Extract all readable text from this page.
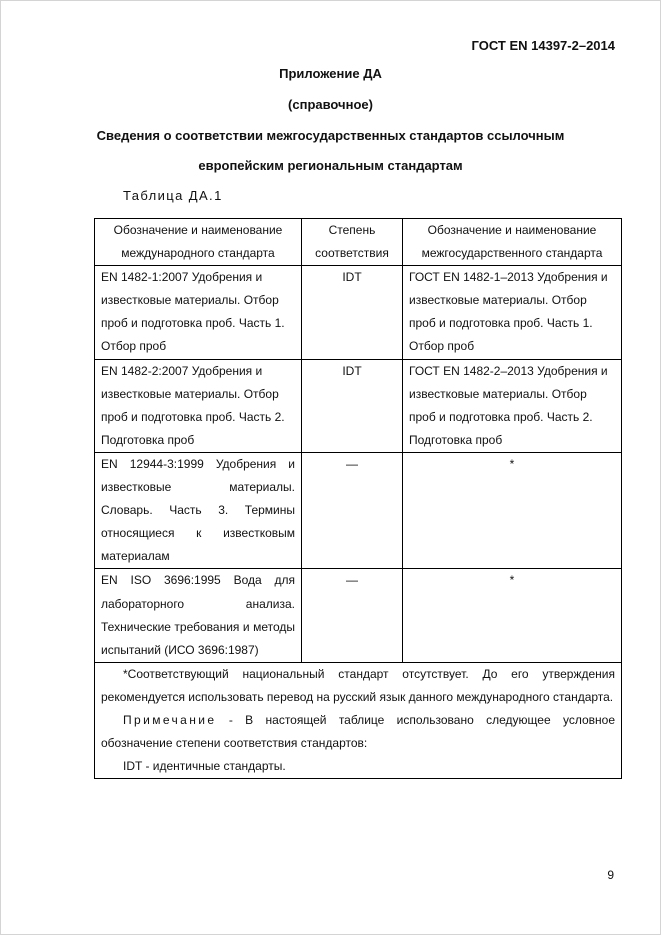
ГОСТ EN 14397-2–2014
Приложение ДА
(справочное)
Сведения о соответствии межгосударственных стандартов ссылочным
европейским региональным стандартам
Таблица ДА.1
Обозначение и наименование международного стандарта	Степень соответствия	Обозначение и наименование межгосударственного стандарта
EN 1482-1:2007 Удобрения и известковые материалы. Отбор проб и подготовка проб. Часть 1. Отбор проб	IDT	ГОСТ EN 1482-1–2013 Удобрения и известковые материалы. Отбор проб и подготовка проб. Часть 1. Отбор проб
EN 1482-2:2007 Удобрения и известковые материалы. Отбор проб и подготовка проб. Часть 2. Подготовка проб	IDT	ГОСТ EN 1482-2–2013 Удобрения и известковые материалы. Отбор проб и подготовка проб. Часть 2. Подготовка проб
EN 12944-3:1999 Удобрения и известковые материалы. Словарь. Часть 3. Термины относящиеся к известковым материалам	—	*
EN ISO 3696:1995 Вода для лабораторного анализа. Технические требования и методы испытаний (ИСО 3696:1987)	—	*

*Соответствующий национальный стандарт отсутствует. До его утверждения рекомендуется использовать перевод на русский язык данного международного стандарта.

Примечание - В настоящей таблице использовано следующее условное обозначение степени соответствия стандартов:

IDT - идентичные стандарты.		

9
